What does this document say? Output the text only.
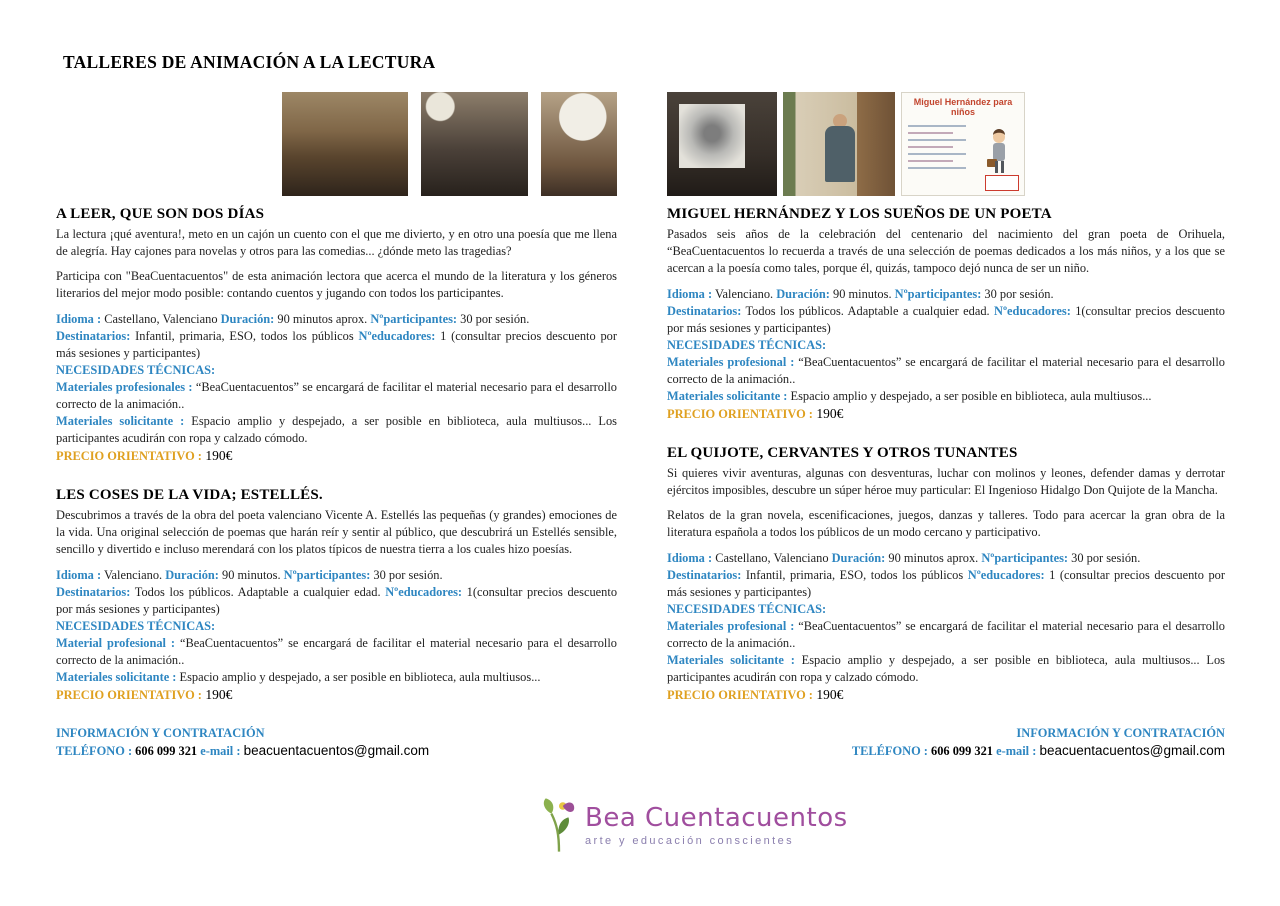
TALLERES DE ANIMACIÓN A LA LECTURA
A LEER, QUE SON DOS DÍAS

La lectura ¡qué aventura!, meto en un cajón un cuento con el que me divierto, y en otro una poesía que me llena de alegría. Hay cajones para novelas y otros para las comedias... ¿dónde meto las tragedias?

Participa con "BeaCuentacuentos" de esta animación lectora que acerca el mundo de la literatura y los géneros literarios del mejor modo posible: contando cuentos y jugando con todos los participantes.

Idioma : Castellano, Valenciano Duración: 90 minutos aprox. Nºparticipantes: 30 por sesión.

Destinatarios: Infantil, primaria, ESO, todos los públicos Nºeducadores: 1 (consultar precios descuento por más sesiones y participantes)

NECESIDADES TÉCNICAS:

Materiales profesionales : “BeaCuentacuentos” se encargará de facilitar el material necesario para el desarrollo correcto de la animación..

Materiales solicitante : Espacio amplio y despejado, a ser posible en biblioteca, aula multiusos... Los participantes acudirán con ropa y calzado cómodo.

PRECIO ORIENTATIVO : 190€

LES COSES DE LA VIDA; ESTELLÉS.

Descubrimos a través de la obra del poeta valenciano Vicente A. Estellés las pequeñas (y grandes) emociones de la vida. Una original selección de poemas que harán reír y sentir al público, que descubrirá un Estellés sensible, sencillo y divertido e incluso merendará con los platos típicos de nuestra tierra a los cuales hizo poesías.

Idioma : Valenciano. Duración: 90 minutos. Nºparticipantes: 30 por sesión.

Destinatarios: Todos los públicos. Adaptable a cualquier edad. Nºeducadores: 1(consultar precios descuento por más sesiones y participantes)

NECESIDADES TÉCNICAS:

Material profesional : “BeaCuentacuentos” se encargará de facilitar el material necesario para el desarrollo correcto de la animación..

Materiales solicitante : Espacio amplio y despejado, a ser posible en biblioteca, aula multiusos...

PRECIO ORIENTATIVO : 190€

INFORMACIÓN Y CONTRATACIÓN

TELÉFONO : 606 099 321 e-mail : beacuentacuentos@gmail.com

Miguel Hernández para niños
MIGUEL HERNÁNDEZ Y LOS SUEÑOS DE UN POETA

Pasados seis años de la celebración del centenario del nacimiento del gran poeta de Orihuela, “BeaCuentacuentos lo recuerda a través de una selección de poemas dedicados a los más niños, y a los que se acercan a la poesía como tales, porque él, quizás, tampoco dejó nunca de ser un niño.

Idioma : Valenciano. Duración: 90 minutos. Nºparticipantes: 30 por sesión.

Destinatarios: Todos los públicos. Adaptable a cualquier edad. Nºeducadores: 1(consultar precios descuento por más sesiones y participantes)

NECESIDADES TÉCNICAS:

Materiales profesional : “BeaCuentacuentos” se encargará de facilitar el material necesario para el desarrollo correcto de la animación..

Materiales solicitante : Espacio amplio y despejado, a ser posible en biblioteca, aula multiusos...

PRECIO ORIENTATIVO : 190€

EL QUIJOTE, CERVANTES Y OTROS TUNANTES

Si quieres vivir aventuras, algunas con desventuras, luchar con molinos y leones, defender damas y derrotar ejércitos imposibles, descubre un súper héroe muy particular: El Ingenioso Hidalgo Don Quijote de la Mancha.

Relatos de la gran novela, escenificaciones, juegos, danzas y talleres. Todo para acercar la gran obra de la literatura española a todos los públicos de un modo cercano y participativo.

Idioma : Castellano, Valenciano Duración: 90 minutos aprox. Nºparticipantes: 30 por sesión.

Destinatarios: Infantil, primaria, ESO, todos los públicos Nºeducadores: 1 (consultar precios descuento por más sesiones y participantes)

NECESIDADES TÉCNICAS:

Materiales profesional : “BeaCuentacuentos” se encargará de facilitar el material necesario para el desarrollo correcto de la animación..

Materiales solicitante : Espacio amplio y despejado, a ser posible en biblioteca, aula multiusos... Los participantes acudirán con ropa y calzado cómodo.

PRECIO ORIENTATIVO : 190€

INFORMACIÓN Y CONTRATACIÓN

TELÉFONO : 606 099 321 e-mail : beacuentacuentos@gmail.com

Bea Cuentacuentos
arte y educación conscientes
